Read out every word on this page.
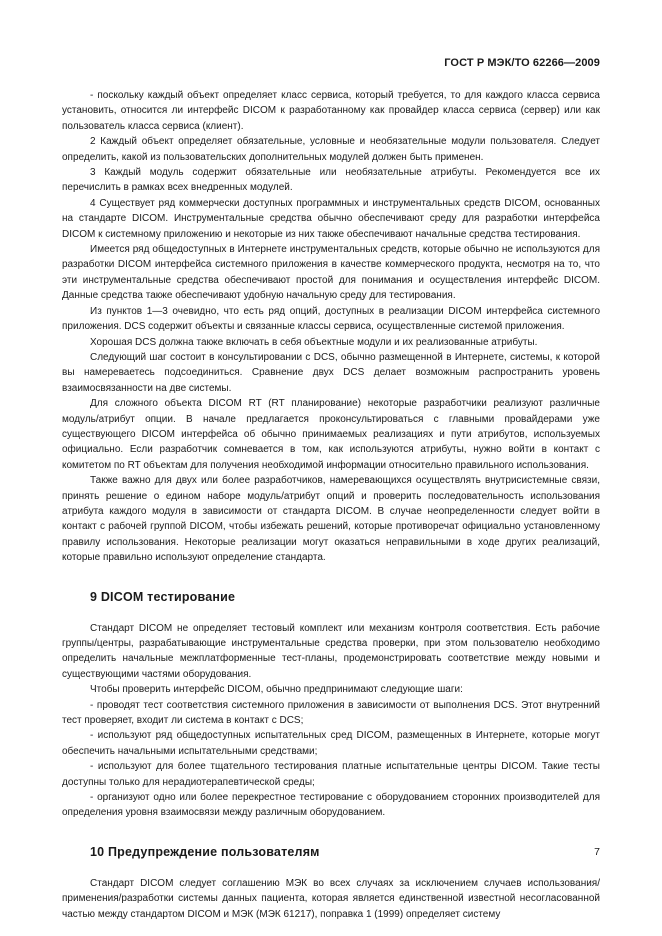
ГОСТ Р МЭК/ТО 62266—2009

- поскольку каждый объект определяет класс сервиса, который требуется, то для каждого класса сервиса установить, относится ли интерфейс DICOM к разработанному как провайдер класса сервиса (сервер) или как пользователь класса сервиса (клиент).

2 Каждый объект определяет обязательные, условные и необязательные модули пользователя. Следует определить, какой из пользовательских дополнительных модулей должен быть применен.

3 Каждый модуль содержит обязательные или необязательные атрибуты. Рекомендуется все их перечислить в рамках всех внедренных модулей.

4 Существует ряд коммерчески доступных программных и инструментальных средств DICOM, основанных на стандарте DICOM. Инструментальные средства обычно обеспечивают среду для разработки интерфейса DICOM к системному приложению и некоторые из них также обеспечивают начальные средства тестирования.

Имеется ряд общедоступных в Интернете инструментальных средств, которые обычно не используются для разработки DICOM интерфейса системного приложения в качестве коммерческого продукта, несмотря на то, что эти инструментальные средства обеспечивают простой для понимания и осуществления интерфейс DICOM. Данные средства также обеспечивают удобную начальную среду для тестирования.

Из пунктов 1—3 очевидно, что есть ряд опций, доступных в реализации DICOM интерфейса системного приложения. DCS содержит объекты и связанные классы сервиса, осуществленные системой приложения.

Хорошая DCS должна также включать в себя объектные модули и их реализованные атрибуты.

Следующий шаг состоит в консультировании с DCS, обычно размещенной в Интернете, системы, к которой вы намереваетесь подсоединиться. Сравнение двух DCS делает возможным распространить уровень взаимосвязанности на две системы.

Для сложного объекта DICOM RT (RT планирование) некоторые разработчики реализуют различные модуль/атрибут опции. В начале предлагается проконсультироваться с главными провайдерами уже существующего DICOM интерфейса об обычно принимаемых реализациях и пути атрибутов, используемых официально. Если разработчик сомневается в том, как используются атрибуты, нужно войти в контакт с комитетом по RT объектам для получения необходимой информации относительно правильного использования.

Также важно для двух или более разработчиков, намеревающихся осуществлять внутрисистемные связи, принять решение о едином наборе модуль/атрибут опций и проверить последовательность использования атрибута каждого модуля в зависимости от стандарта DICOM. В случае неопределенности следует войти в контакт с рабочей группой DICOM, чтобы избежать решений, которые противоречат официально установленному правилу использования. Некоторые реализации могут оказаться неправильными в ходе других реализаций, которые правильно используют определение стандарта.

9 DICOM тестирование

Стандарт DICOM не определяет тестовый комплект или механизм контроля соответствия. Есть рабочие группы/центры, разрабатывающие инструментальные средства проверки, при этом пользователю необходимо определить начальные межплатформенные тест-планы, продемонстрировать соответствие между новыми и существующими частями оборудования.

Чтобы проверить интерфейс DICOM, обычно предпринимают следующие шаги:

- проводят тест соответствия системного приложения в зависимости от выполнения DCS. Этот внутренний тест проверяет, входит ли система в контакт с DCS;

- используют ряд общедоступных испытательных сред DICOM, размещенных в Интернете, которые могут обеспечить начальными испытательными средствами;

- используют для более тщательного тестирования платные испытательные центры DICOM. Такие тесты доступны только для нерадиотерапевтической среды;

- организуют одно или более перекрестное тестирование с оборудованием сторонних производителей для определения уровня взаимосвязи между различным оборудованием.

10 Предупреждение пользователям

Стандарт DICOM следует соглашению МЭК во всех случаях за исключением случаев использования/применения/разработки системы данных пациента, которая является единственной известной несогласованной частью между стандартом DICOM и МЭК (МЭК 61217), поправка 1 (1999) определяет систему

7
